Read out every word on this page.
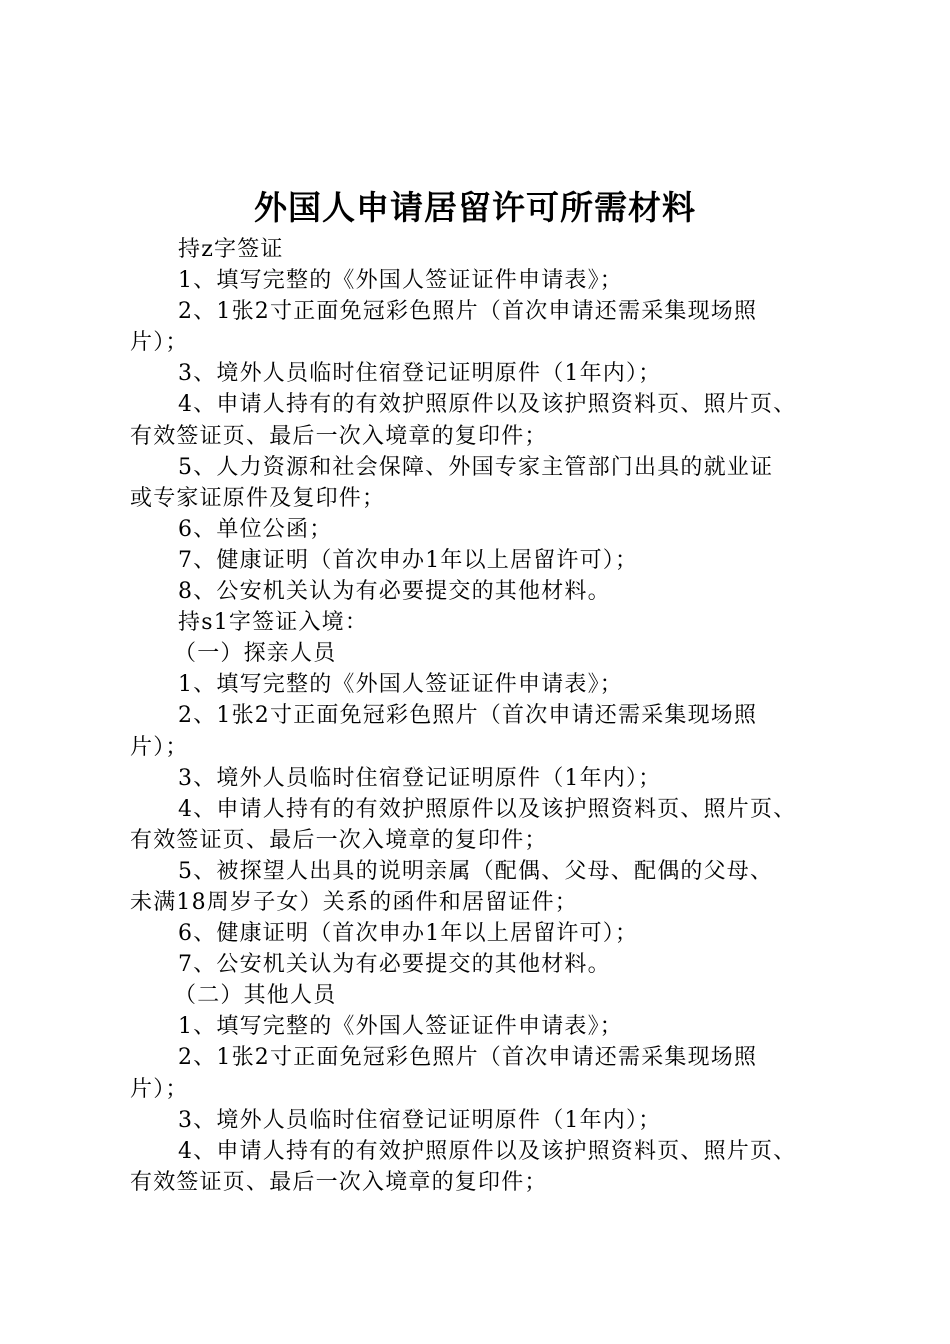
外国人申请居留许可所需材料
持z字签证
1、填写完整的《外国人签证证件申请表》；
2、1张2寸正面免冠彩色照片（首次申请还需采集现场照
片）；
3、境外人员临时住宿登记证明原件（1年内）；
4、申请人持有的有效护照原件以及该护照资料页、照片页、
有效签证页、最后一次入境章的复印件；
5、人力资源和社会保障、外国专家主管部门出具的就业证
或专家证原件及复印件；
6、单位公函；
7、健康证明（首次申办1年以上居留许可）；
8、公安机关认为有必要提交的其他材料。
持s1字签证入境：
（一）探亲人员
1、填写完整的《外国人签证证件申请表》；
2、1张2寸正面免冠彩色照片（首次申请还需采集现场照
片）；
3、境外人员临时住宿登记证明原件（1年内）；
4、申请人持有的有效护照原件以及该护照资料页、照片页、
有效签证页、最后一次入境章的复印件；
5、被探望人出具的说明亲属（配偶、父母、配偶的父母、
未满18周岁子女）关系的函件和居留证件；
6、健康证明（首次申办1年以上居留许可）；
7、公安机关认为有必要提交的其他材料。
（二）其他人员
1、填写完整的《外国人签证证件申请表》；
2、1张2寸正面免冠彩色照片（首次申请还需采集现场照
片）；
3、境外人员临时住宿登记证明原件（1年内）；
4、申请人持有的有效护照原件以及该护照资料页、照片页、
有效签证页、最后一次入境章的复印件；
